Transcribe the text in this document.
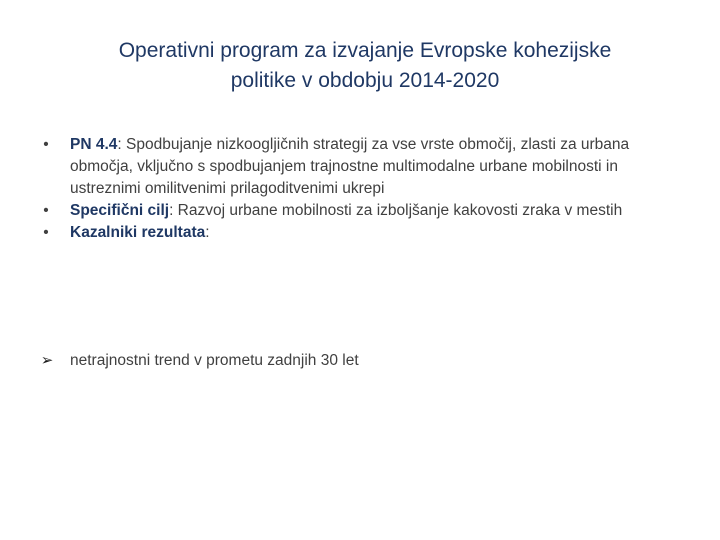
Operativni program za izvajanje Evropske kohezijske
politike v obdobju 2014-2020
•	PN 4.4: Spodbujanje nizkoogljičnih strategij za vse vrste območij, zlasti za urbana območja, vključno s spodbujanjem trajnostne multimodalne urbane mobilnosti in ustreznimi omilitvenimi prilagoditvenimi ukrepi
•	Specifični cilj: Razvoj urbane mobilnosti za izboljšanje kakovosti zraka v mestih
•	Kazalniki rezultata:
➢	netrajnostni trend v prometu zadnjih 30 let
